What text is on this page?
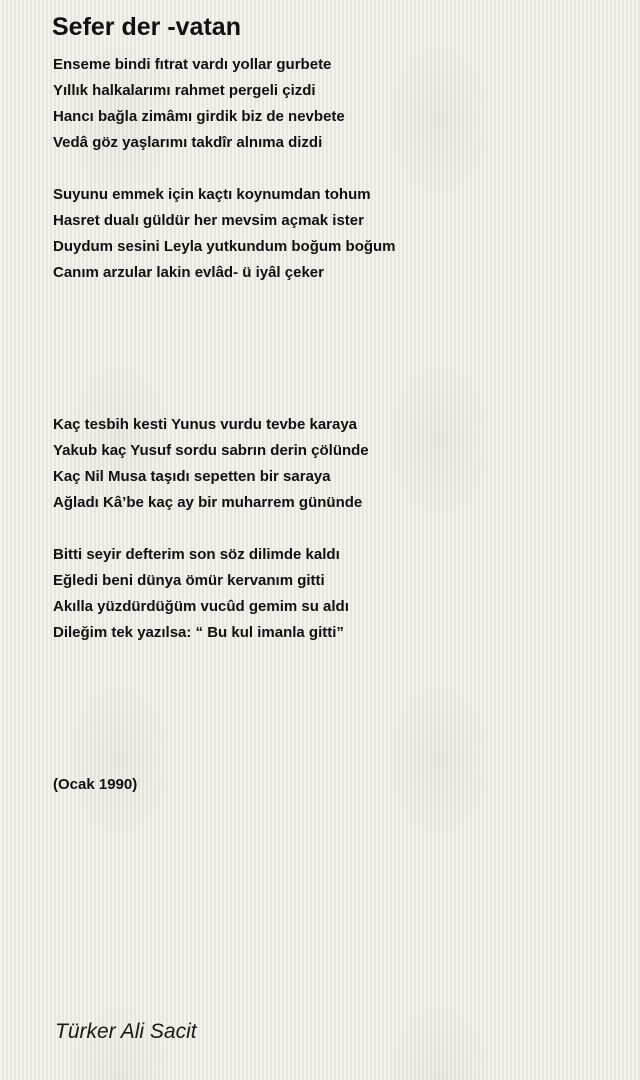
Sefer der -vatan
Enseme bindi fıtrat vardı yollar gurbete
Yıllık halkalarımı rahmet pergeli çizdi
Hancı bağla zimâmı girdik biz de nevbete
Vedâ göz yaşlarımı takdîr alnıma dizdi
Suyunu emmek için kaçtı koynumdan tohum
Hasret dualı güldür her mevsim açmak ister
Duydum sesini Leyla yutkundum boğum boğum
Canım arzular lakin evlâd- ü iyâl çeker
Kaç tesbih kesti Yunus vurdu tevbe karaya
Yakub kaç Yusuf sordu sabrın derin çölünde
Kaç Nil Musa taşıdı sepetten bir saraya
Ağladı Kâ’be kaç ay bir muharrem gününde
Bitti seyir defterim son söz dilimde kaldı
Eğledi beni dünya ömür kervanım gitti
Akılla yüzdürdüğüm vucûd gemim su aldı
Dileğim tek yazılsa: “ Bu kul imanla gitti”
(Ocak 1990)
Türker Ali Sacit
